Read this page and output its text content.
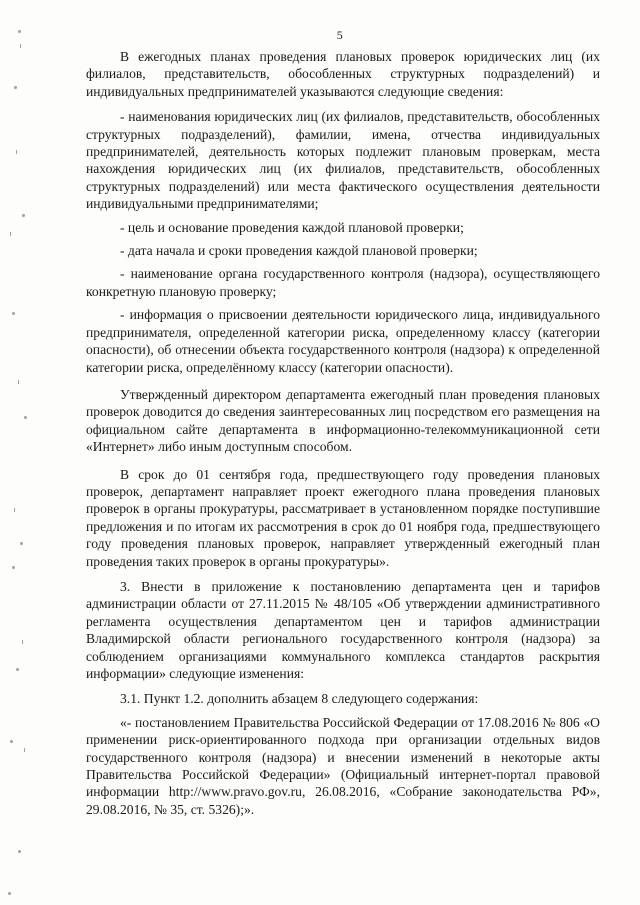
5

В ежегодных планах проведения плановых проверок юридических лиц (их филиалов, представительств, обособленных структурных подразделений) и индивидуальных предпринимателей указываются следующие сведения:

- наименования юридических лиц (их филиалов, представительств, обособленных структурных подразделений), фамилии, имена, отчества индивидуальных предпринимателей, деятельность которых подлежит плановым проверкам, места нахождения юридических лиц (их филиалов, представительств, обособленных структурных подразделений) или места фактического осуществления деятельности индивидуальными предпринимателями;

- цель и основание проведения каждой плановой проверки;

- дата начала и сроки проведения каждой плановой проверки;

- наименование органа государственного контроля (надзора), осуществляющего конкретную плановую проверку;

- информация о присвоении деятельности юридического лица, индивидуального предпринимателя, определенной категории риска, определенному классу (категории опасности), об отнесении объекта государственного контроля (надзора) к определенной категории риска, определённому классу (категории опасности).

Утвержденный директором департамента ежегодный план проведения плановых проверок доводится до сведения заинтересованных лиц посредством его размещения на официальном сайте департамента в информационно-телекоммуникационной сети «Интернет» либо иным доступным способом.

В срок до 01 сентября года, предшествующего году проведения плановых проверок, департамент направляет проект ежегодного плана проведения плановых проверок в органы прокуратуры, рассматривает в установленном порядке поступившие предложения и по итогам их рассмотрения в срок до 01 ноября года, предшествующего году проведения плановых проверок, направляет утвержденный ежегодный план проведения таких проверок в органы прокуратуры».

3. Внести в приложение к постановлению департамента цен и тарифов администрации области от 27.11.2015 № 48/105 «Об утверждении административного регламента осуществления департаментом цен и тарифов администрации Владимирской области регионального государственного контроля (надзора) за соблюдением организациями коммунального комплекса стандартов раскрытия информации» следующие изменения:

3.1. Пункт 1.2. дополнить абзацем 8 следующего содержания:

«- постановлением Правительства Российской Федерации от 17.08.2016 № 806 «О применении риск-ориентированного подхода при организации отдельных видов государственного контроля (надзора) и внесении изменений в некоторые акты Правительства Российской Федерации» (Официальный интернет-портал правовой информации http://www.pravo.gov.ru, 26.08.2016, «Собрание законодательства РФ», 29.08.2016, № 35, ст. 5326);».
